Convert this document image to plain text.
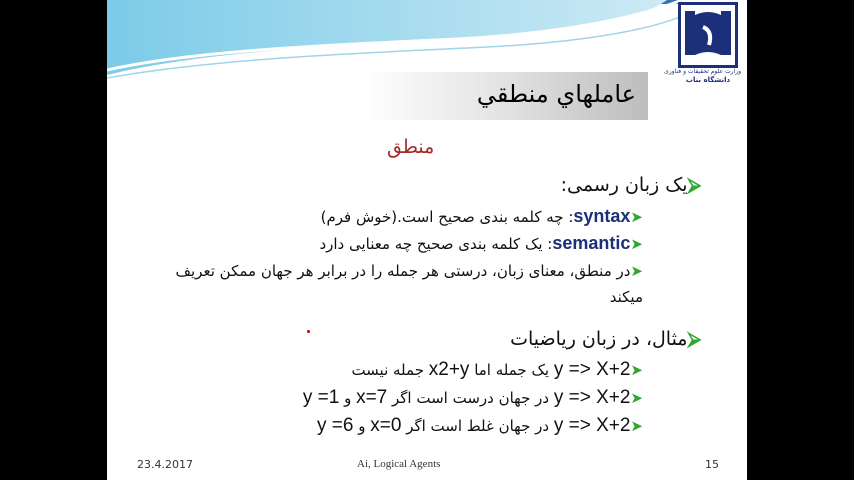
وزارت علوم تحقیقات و فناوری
دانشگاه بناب
عاملهاي منطقي
منطق
⮚یک زبان رسمی:
➤syntax: چه کلمه بندی صحیح است.(خوش فرم)
➤semantic: یک کلمه بندی صحیح چه معنایی دارد
➤در منطق، معنای زبان، درستی هر جمله را در برابر هر جهان ممکن تعریف
میکند
⮚مثال، در زبان ریاضیات
➤y => X+2 یک جمله اما x2+y جمله نیست
➤y => X+2 در جهان درست است اگر x=7 و y =1
➤y => X+2 در جهان غلط است اگر x=0 و y =6
23.4.2017	Ai, Logical Agents	15
